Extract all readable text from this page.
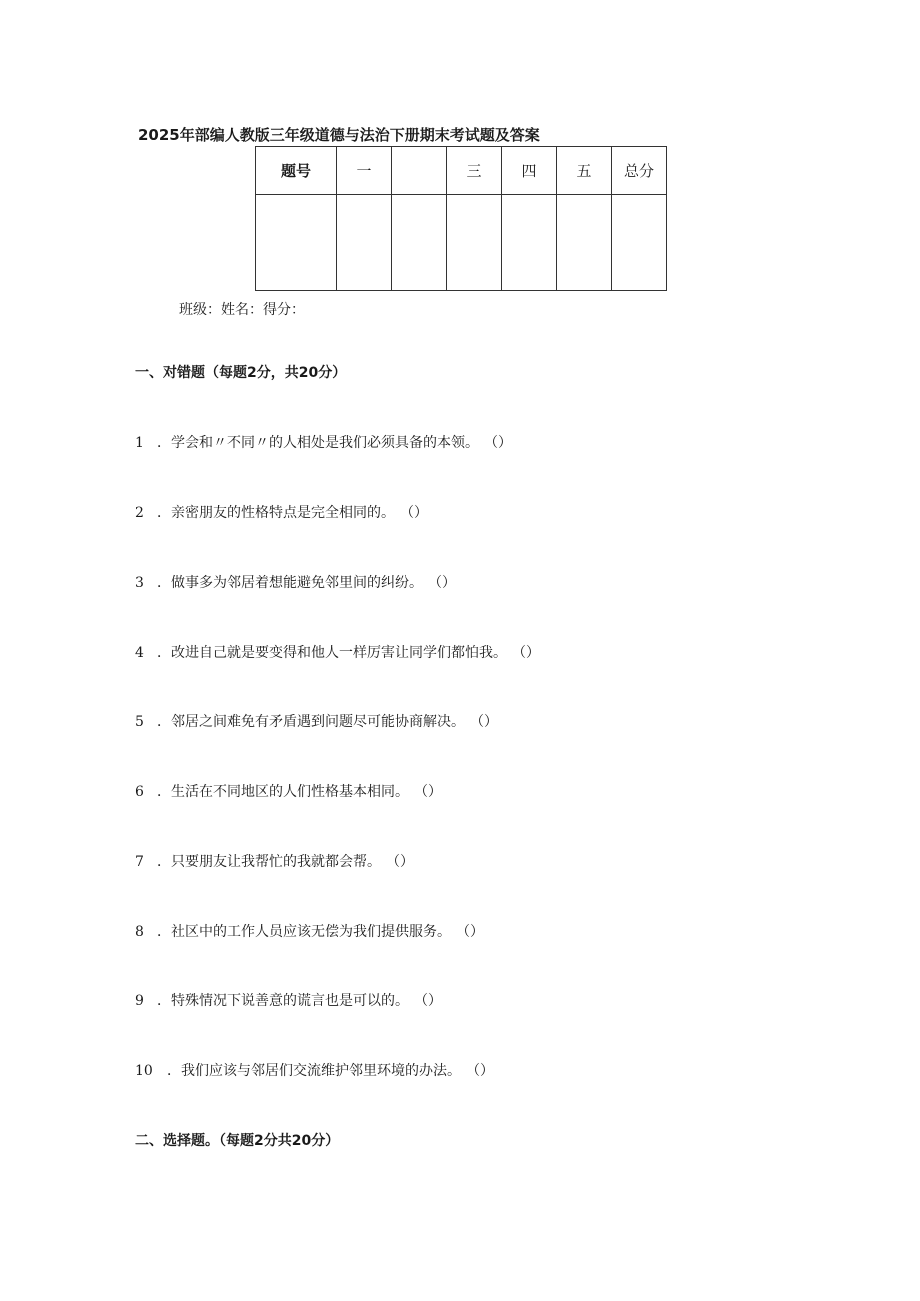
2025年部编人教版三年级道德与法治下册期末考试题及答案
题号	一		三	四	五	总分

班级：姓名：得分：
一、对错题（每题2分，共20分）
1 ．学会和〃不同〃的人相处是我们必须具备的本领。 （）
2 ．亲密朋友的性格特点是完全相同的。 （）
3 ．做事多为邻居着想能避免邻里间的纠纷。 （）
4 ．改进自己就是要变得和他人一样厉害让同学们都怕我。 （）
5 ．邻居之间难免有矛盾遇到问题尽可能协商解决。 （）
6 ．生活在不同地区的人们性格基本相同。 （）
7 ．只要朋友让我帮忙的我就都会帮。 （）
8 ．社区中的工作人员应该无偿为我们提供服务。 （）
9 ．特殊情况下说善意的谎言也是可以的。 （）
10 ．我们应该与邻居们交流维护邻里环境的办法。 （）
二、选择题。（每题2分共20分）
